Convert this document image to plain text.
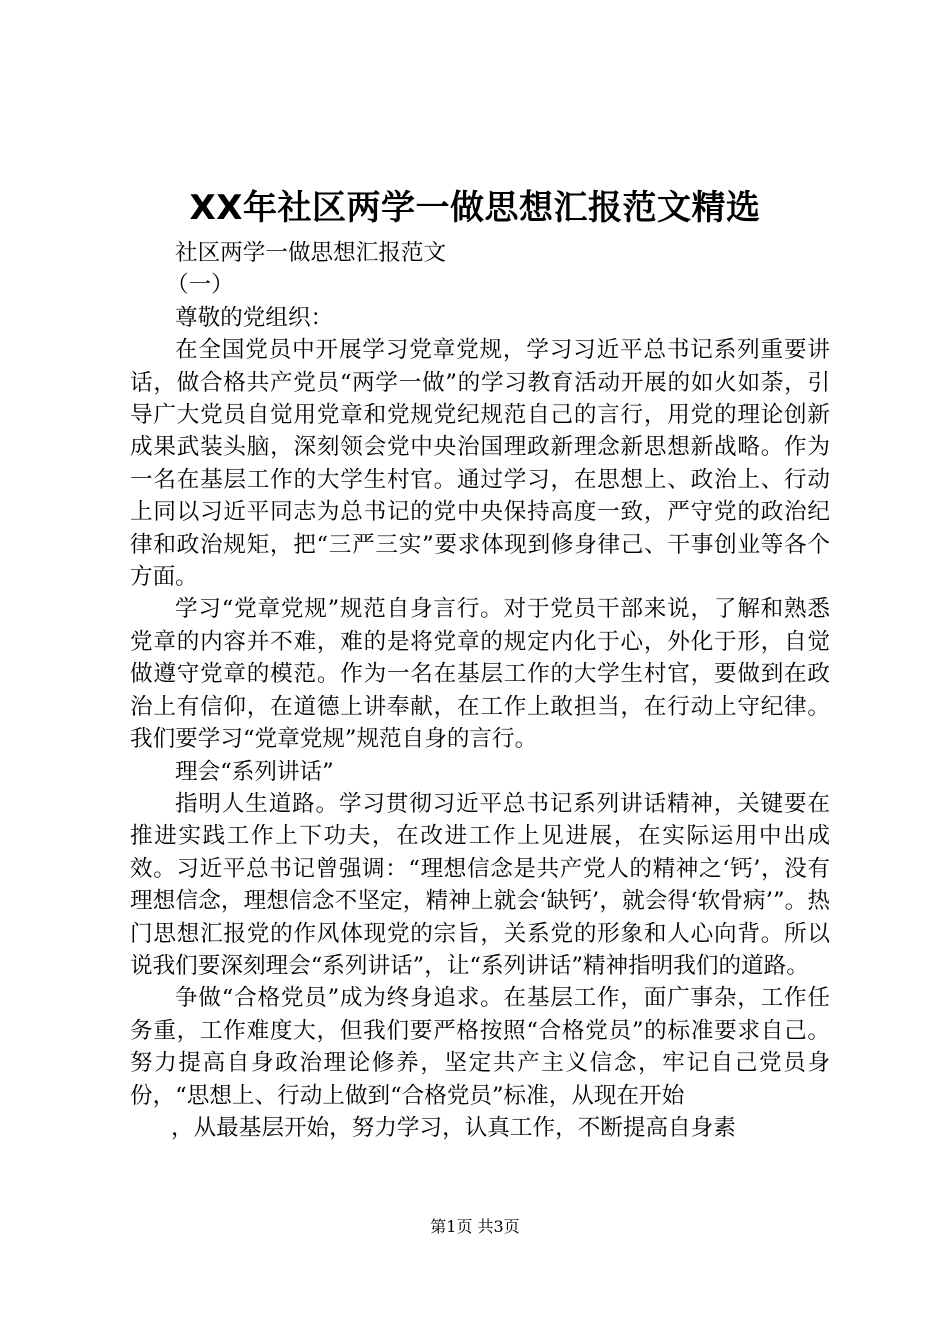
XX年社区两学一做思想汇报范文精选

社区两学一做思想汇报范文

（一）

尊敬的党组织：

在全国党员中开展学习党章党规，学习习近平总书记系列重要讲话，做合格共产党员“两学一做”的学习教育活动开展的如火如荼，引导广大党员自觉用党章和党规党纪规范自己的言行，用党的理论创新成果武装头脑，深刻领会党中央治国理政新理念新思想新战略。作为一名在基层工作的大学生村官。通过学习，在思想上、政治上、行动上同以习近平同志为总书记的党中央保持高度一致，严守党的政治纪律和政治规矩，把“三严三实”要求体现到修身律己、干事创业等各个方面。

学习“党章党规”规范自身言行。对于党员干部来说，了解和熟悉党章的内容并不难，难的是将党章的规定内化于心，外化于形，自觉做遵守党章的模范。作为一名在基层工作的大学生村官，要做到在政治上有信仰，在道德上讲奉献，在工作上敢担当，在行动上守纪律。我们要学习“党章党规”规范自身的言行。

理会“系列讲话”

指明人生道路。学习贯彻习近平总书记系列讲话精神，关键要在推进实践工作上下功夫，在改进工作上见进展，在实际运用中出成效。习近平总书记曾强调：“理想信念是共产党人的精神之‘钙’，没有理想信念，理想信念不坚定，精神上就会‘缺钙’，就会得‘软骨病’”。热门思想汇报党的作风体现党的宗旨，关系党的形象和人心向背。所以说我们要深刻理会“系列讲话”，让“系列讲话”精神指明我们的道路。

争做“合格党员”成为终身追求。在基层工作，面广事杂，工作任务重，工作难度大，但我们要严格按照“合格党员”的标准要求自己。努力提高自身政治理论修养，坚定共产主义信念，牢记自己党员身份，“思想上、行动上做到“合格党员”标准，从现在开始

，从最基层开始，努力学习，认真工作，不断提高自身素

第1页 共3页
